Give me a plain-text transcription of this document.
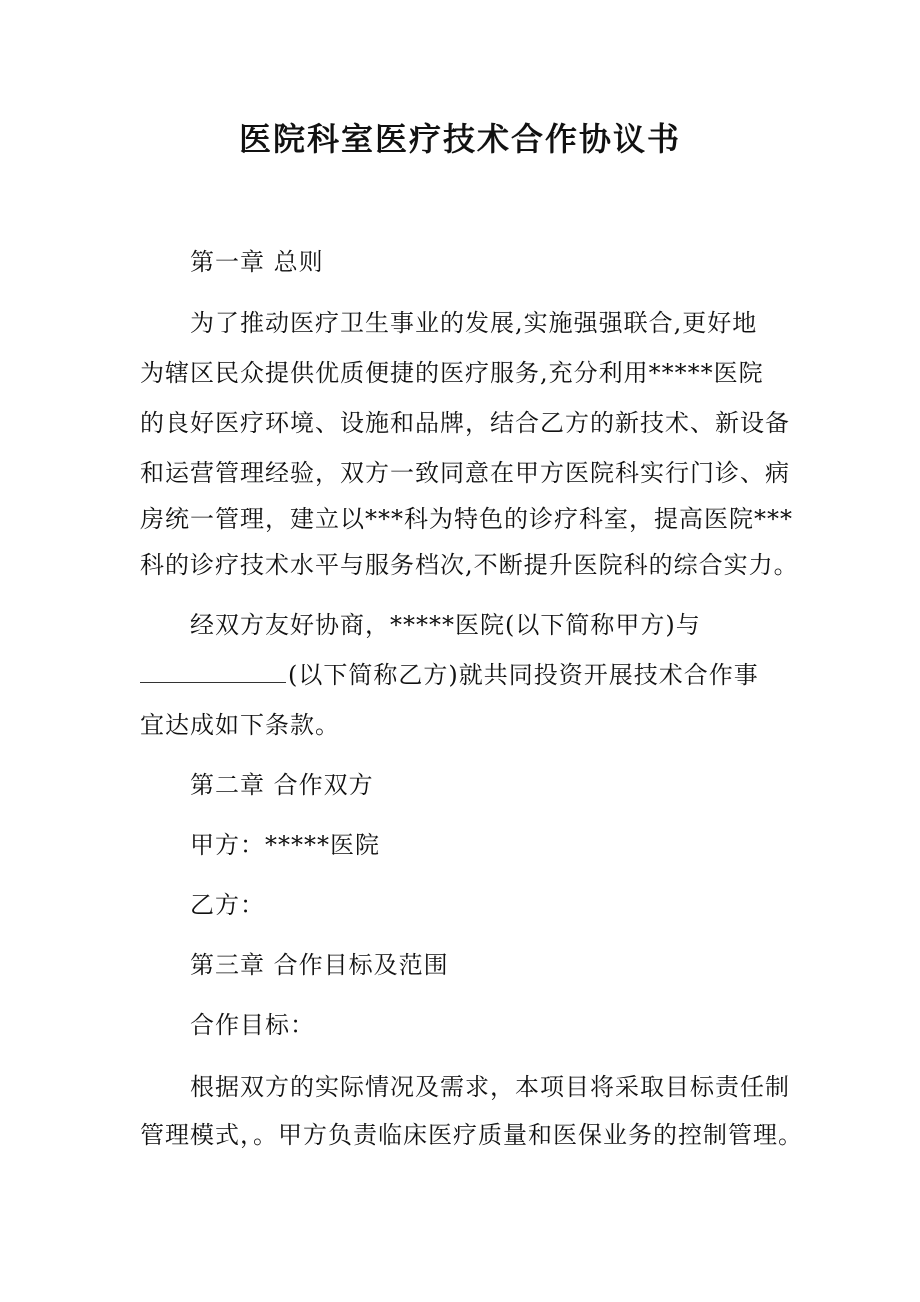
医院科室医疗技术合作协议书
第一章 总则
为了推动医疗卫生事业的发展,实施强强联合,更好地
为辖区民众提供优质便捷的医疗服务,充分利用*****医院
的良好医疗环境、设施和品牌，结合乙方的新技术、新设备
和运营管理经验，双方一致同意在甲方医院科实行门诊、病
房统一管理，建立以***科为特色的诊疗科室，提高医院***
科的诊疗技术水平与服务档次,不断提升医院科的综合实力。
经双方友好协商，*****医院(以下简称甲方)与
(以下简称乙方)就共同投资开展技术合作事
宜达成如下条款。
第二章 合作双方
甲方：*****医院
乙方：
第三章 合作目标及范围
合作目标：
根据双方的实际情况及需求，本项目将采取目标责任制
管理模式，。甲方负责临床医疗质量和医保业务的控制管理。
